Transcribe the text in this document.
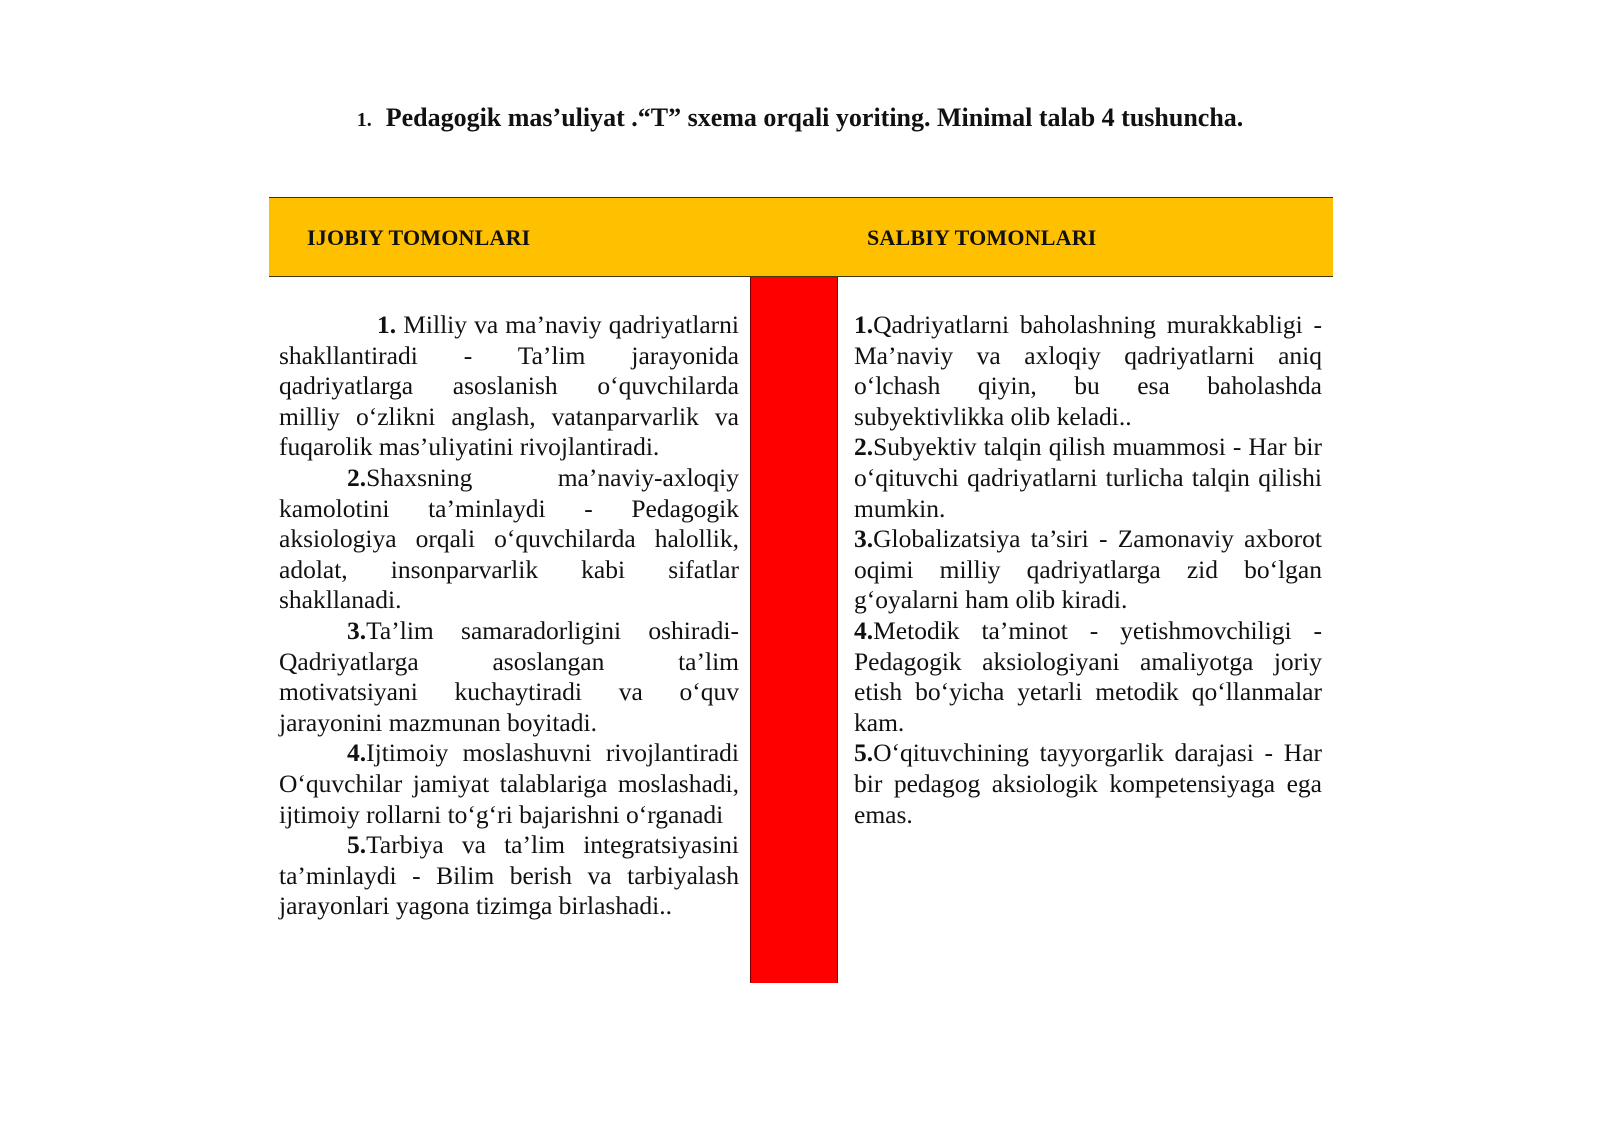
1. Pedagogik mas’uliyat .“T” sxema orqali yoriting. Minimal talab 4 tushuncha.
IJOBIY TOMONLARI	SALBIY TOMONLARI

1. Milliy va ma’naviy qadriyatlarni shakllantiradi - Ta’lim jarayonida qadriyatlarga asoslanish o‘quvchilarda milliy o‘zlikni anglash, vatanparvarlik va fuqarolik mas’uliyatini rivojlantiradi.

2.Shaxsning ma’naviy-axloqiy kamolotini ta’minlaydi - Pedagogik aksiologiya orqali o‘quvchilarda halollik, adolat, insonparvarlik kabi sifatlar shakllanadi.

3.Ta’lim samaradorligini oshiradi- Qadriyatlarga asoslangan ta’lim motivatsiyani kuchaytiradi va o‘quv jarayonini mazmunan boyitadi.

4.Ijtimoiy moslashuvni rivojlantiradi O‘quvchilar jamiyat talablariga moslashadi, ijtimoiy rollarni to‘g‘ri bajarishni o‘rganadi

5.Tarbiya va ta’lim integratsiyasini ta’minlaydi - Bilim berish va tarbiyalash jarayonlari yagona tizimga birlashadi..

1.Qadriyatlarni baholashning murakkabligi - Ma’naviy va axloqiy qadriyatlarni aniq o‘lchash qiyin, bu esa baholashda subyektivlikka olib keladi..

2.Subyektiv talqin qilish muammosi - Har bir o‘qituvchi qadriyatlarni turlicha talqin qilishi mumkin.

3.Globalizatsiya ta’siri - Zamonaviy axborot oqimi milliy qadriyatlarga zid bo‘lgan g‘oyalarni ham olib kiradi.

4.Metodik ta’minot - yetishmovchiligi - Pedagogik aksiologiyani amaliyotga joriy etish bo‘yicha yetarli metodik qo‘llanmalar kam.

5.O‘qituvchining tayyorgarlik darajasi - Har bir pedagog aksiologik kompetensiyaga ega emas.
